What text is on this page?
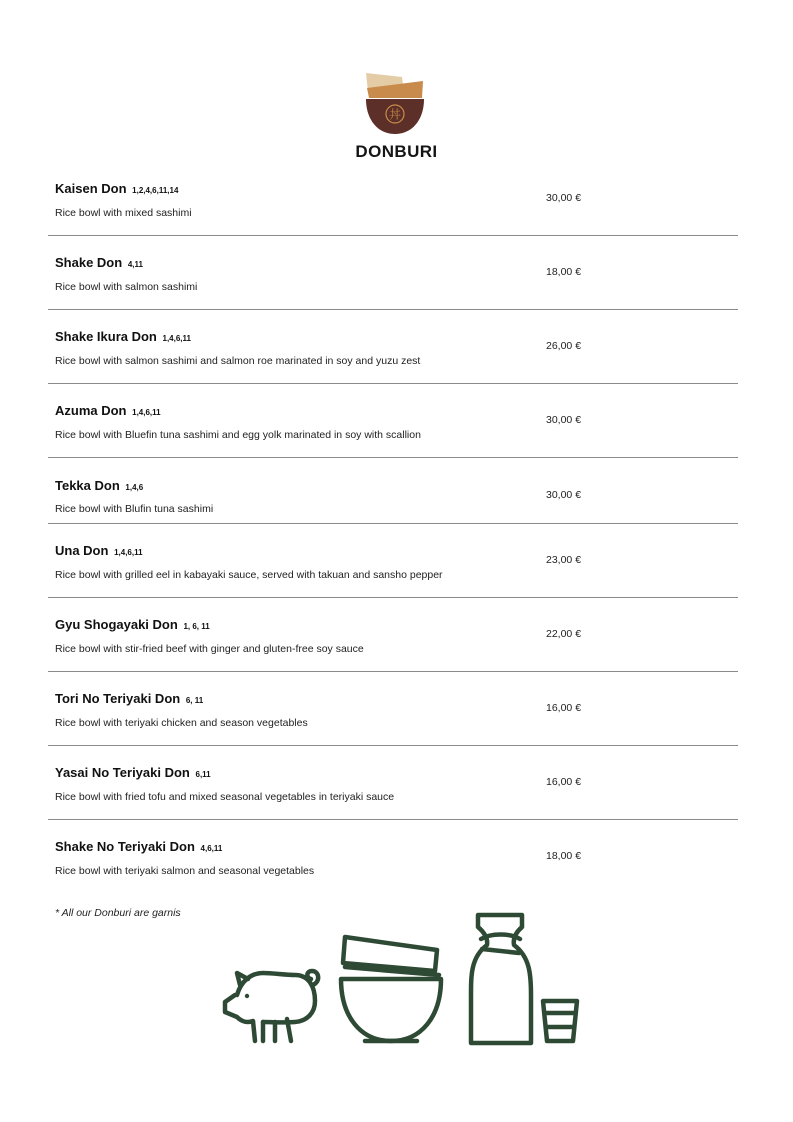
丼
DONBURI
Kaisen Don 1,2,4,6,11,14
Rice bowl with mixed sashimi
30,00 €
Shake Don 4,11
Rice bowl with salmon sashimi
18,00 €
Shake Ikura Don 1,4,6,11
Rice bowl with salmon sashimi and salmon roe marinated in soy and yuzu zest
26,00 €
Azuma Don 1,4,6,11
Rice bowl with Bluefin tuna sashimi and egg yolk marinated in soy with scallion
30,00 €
Tekka Don 1,4,6
Rice bowl with Blufin tuna sashimi
30,00 €
Una Don 1,4,6,11
Rice bowl with grilled eel in kabayaki sauce, served with takuan and sansho pepper
23,00 €
Gyu Shogayaki Don 1, 6, 11
Rice bowl with stir-fried beef with ginger and gluten-free soy sauce
22,00 €
Tori No Teriyaki Don 6, 11
Rice bowl with teriyaki chicken and season vegetables
16,00 €
Yasai No Teriyaki Don 6,11
Rice bowl with fried tofu and mixed seasonal vegetables in teriyaki sauce
16,00 €
Shake No Teriyaki Don 4,6,11
Rice bowl with teriyaki salmon and seasonal vegetables
18,00 €
* All our Donburi are garnis
